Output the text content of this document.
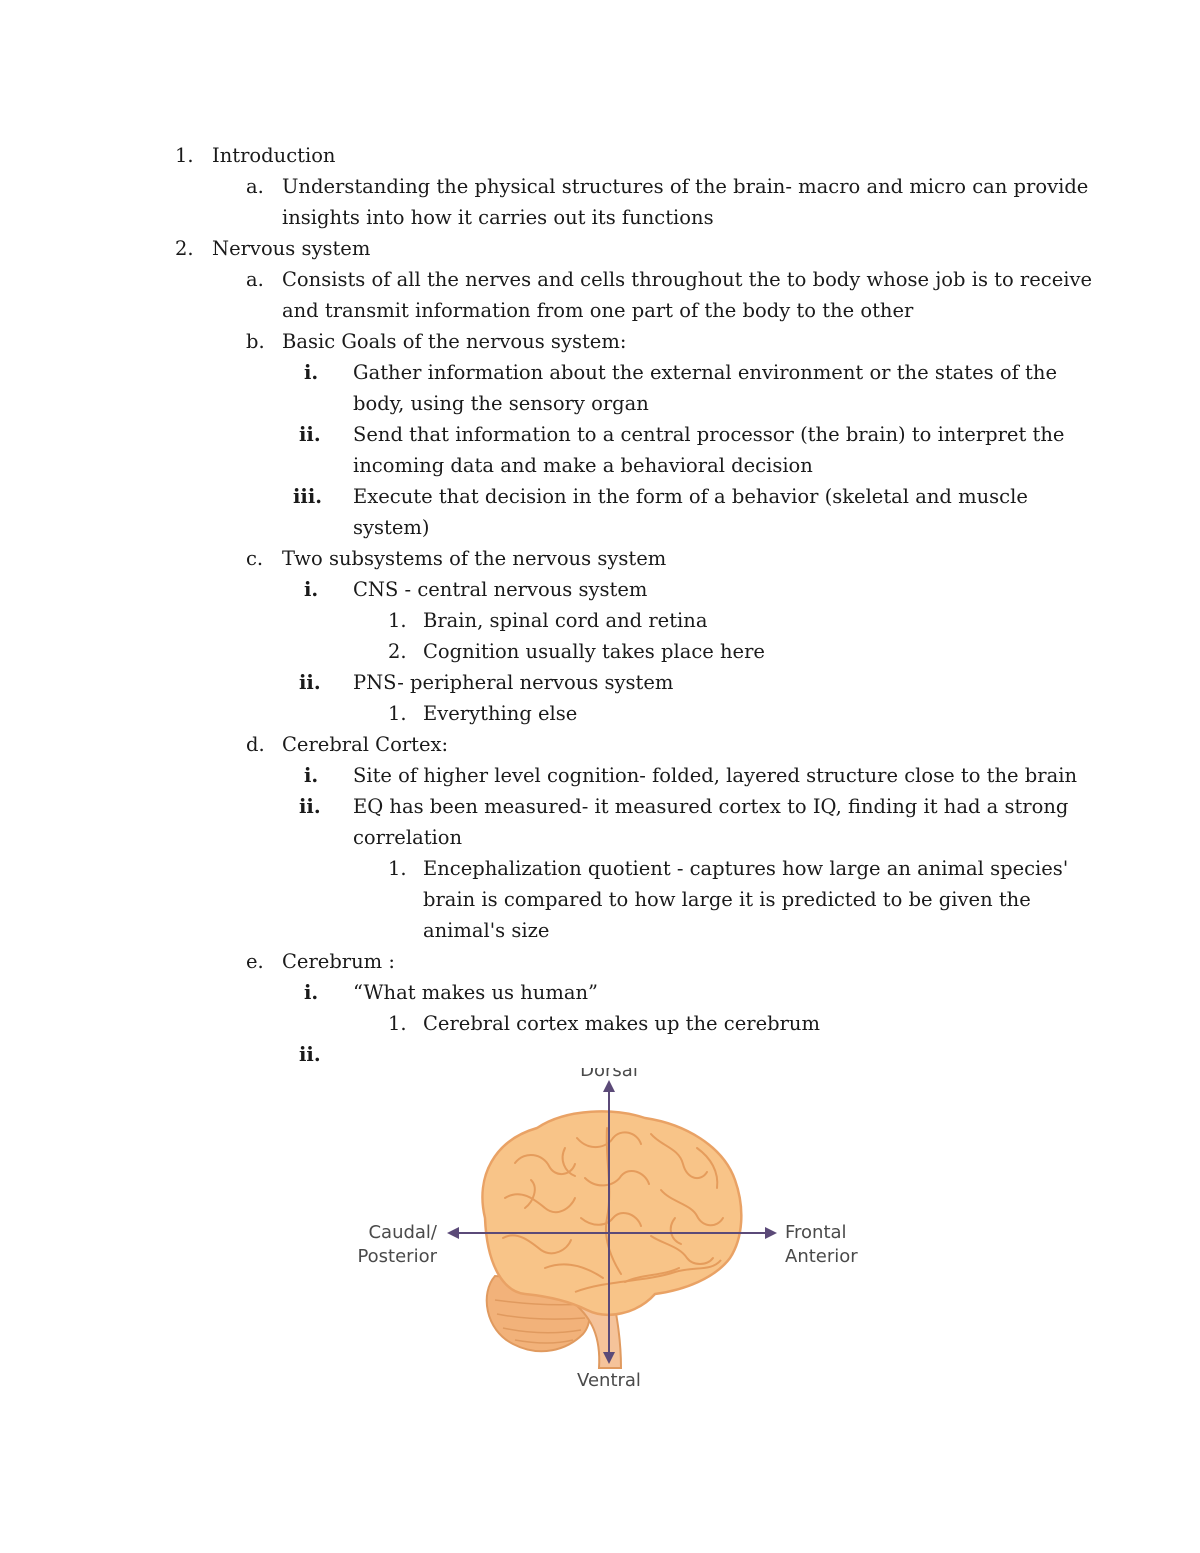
1. Introduction
a. Understanding the physical structures of the brain- macro and micro can provide
insights into how it carries out its functions
2. Nervous system
a. Consists of all the nerves and cells throughout the to body whose job is to receive
and transmit information from one part of the body to the other
b. Basic Goals of the nervous system:
i. Gather information about the external environment or the states of the
body, using the sensory organ
ii. Send that information to a central processor (the brain) to interpret the
incoming data and make a behavioral decision
iii. Execute that decision in the form of a behavior (skeletal and muscle
system)
c. Two subsystems of the nervous system
i. CNS - central nervous system
1. Brain, spinal cord and retina
2. Cognition usually takes place here
ii. PNS- peripheral nervous system
1. Everything else
d. Cerebral Cortex:
i. Site of higher level cognition- folded, layered structure close to the brain
ii. EQ has been measured- it measured cortex to IQ, finding it had a strong
correlation
1. Encephalization quotient - captures how large an animal species'
brain is compared to how large it is predicted to be given the
animal's size
e. Cerebrum :
i. “What makes us human”
1. Cerebral cortex makes up the cerebrum
ii.
Dorsal
Ventral
Caudal/
Posterior
Frontal
Anterior
